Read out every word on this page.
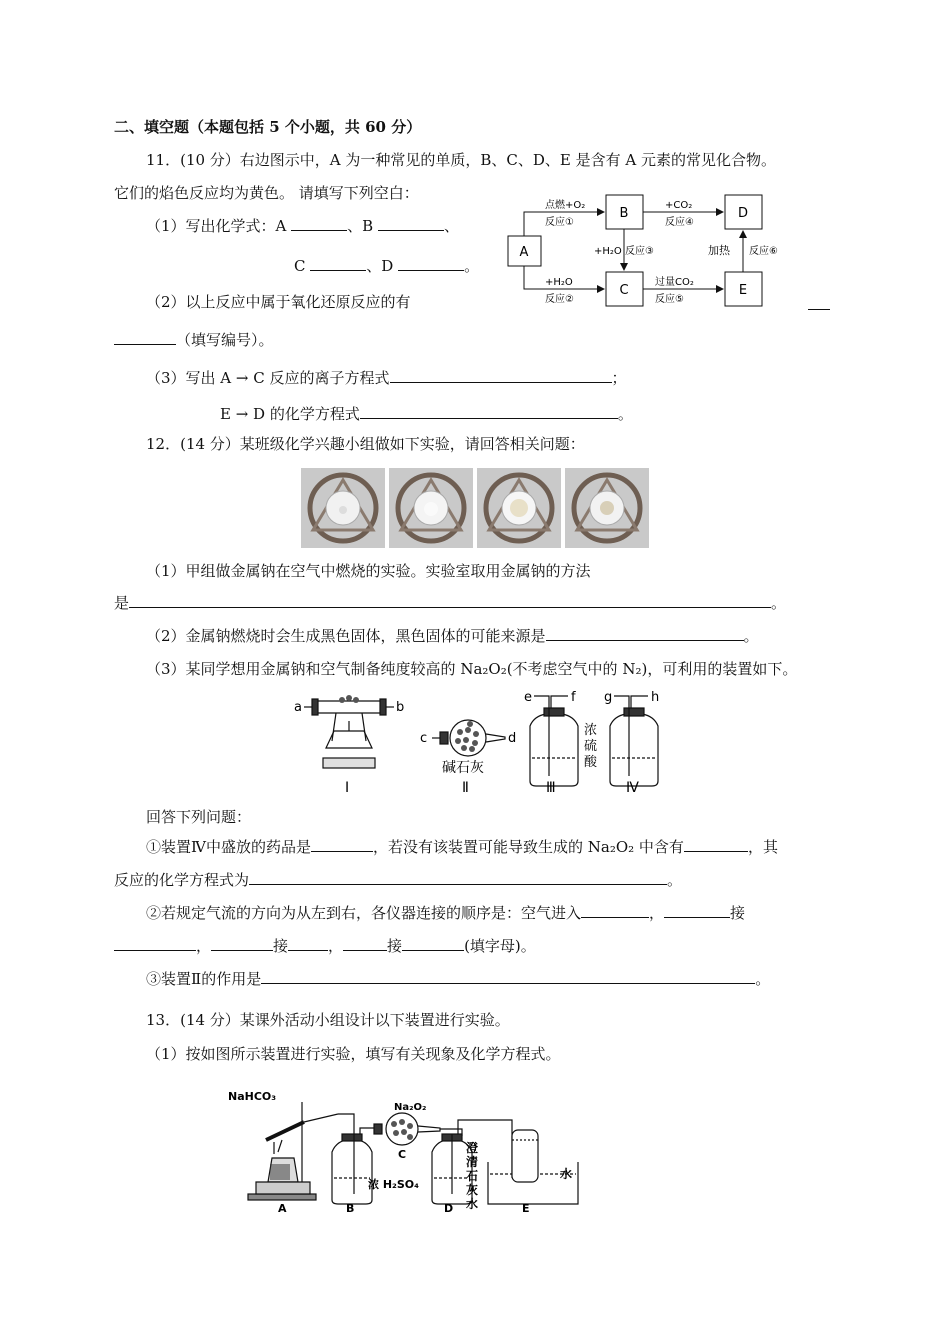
二、填空题（本题包括 5 个小题，共 60 分）
11．(10 分）右边图示中，A 为一种常见的单质，B、C、D、E 是含有 A 元素的常见化合物。
它们的焰色反应均为黄色。 请填写下列空白：
（1）写出化学式：A	、B	、
C	、D	。
（2）以上反应中属于氧化还原反应的有
（填写编号）。
（3）写出 A → C 反应的离子方程式	；
E → D 的化学方程式	。
A
B
C
D
E
点燃+O₂
反应①
+H₂O
反应②
+H₂O 反应③
+CO₂
反应④
过量CO₂
反应⑤
加热 反应⑥
12．(14 分）某班级化学兴趣小组做如下实验，请回答相关问题：
（1）甲组做金属钠在空气中燃烧的实验。实验室取用金属钠的方法
是	。
（2）金属钠燃烧时会生成黑色固体，黑色固体的可能来源是	。
（3）某同学想用金属钠和空气制备纯度较高的 Na₂O₂(不考虑空气中的 N₂)，可利用的装置如下。
a	b
c	d
e	f g	h
碱石灰
浓
硫
酸
Ⅰ	Ⅱ	Ⅲ	Ⅳ
回答下列问题：
①装置Ⅳ中盛放的药品是	，若没有该装置可能导致生成的 Na₂O₂ 中含有	，其
反应的化学方程式为	。
②若规定气流的方向为从左到右，各仪器连接的顺序是：空气进入	，	接
，	接	，	接	(填字母)。
③装置Ⅱ的作用是	。
13．(14 分）某课外活动小组设计以下装置进行实验。
（1）按如图所示装置进行实验，填写有关现象及化学方程式。
NaHCO₃
Na₂O₂
浓 H₂SO₄
C	澄
清
石
灰
水
水
A	B	D	E
